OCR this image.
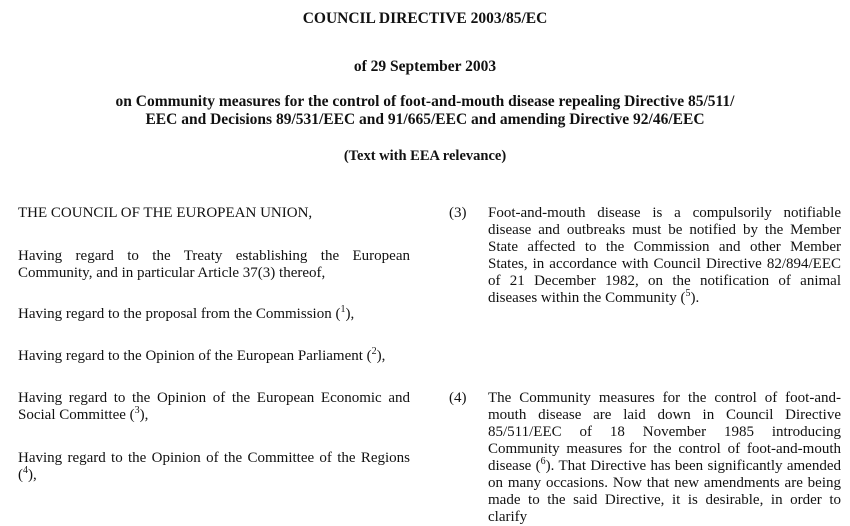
COUNCIL DIRECTIVE 2003/85/EC
of 29 September 2003
on Community measures for the control of foot-and-mouth disease repealing Directive 85/511/
EEC and Decisions 89/531/EEC and 91/665/EEC and amending Directive 92/46/EEC
(Text with EEA relevance)

THE COUNCIL OF THE EUROPEAN UNION,

Having regard to the Treaty establishing the European Community, and in particular Article 37(3) thereof,

Having regard to the proposal from the Commission ($^1$),

Having regard to the Opinion of the European Parliament ($^2$),

Having regard to the Opinion of the European Economic and Social Committee ($^3$),

Having regard to the Opinion of the Committee of the Regions ($^4$),

(3)	Foot-and-mouth disease is a compulsorily notifiable disease and outbreaks must be notified by the Member State affected to the Commission and other Member States, in accordance with Council Directive 82/894/EEC of 21 December 1982, on the notification of animal diseases within the Community ($^5$).

(4)	The Community measures for the control of foot-and-mouth disease are laid down in Council Directive 85/511/EEC of 18 November 1985 introducing Community measures for the control of foot-and-mouth disease ($^6$). That Directive has been significantly amended on many occasions. Now that new amendments are being made to the said Directive, it is desirable, in order to clarify
